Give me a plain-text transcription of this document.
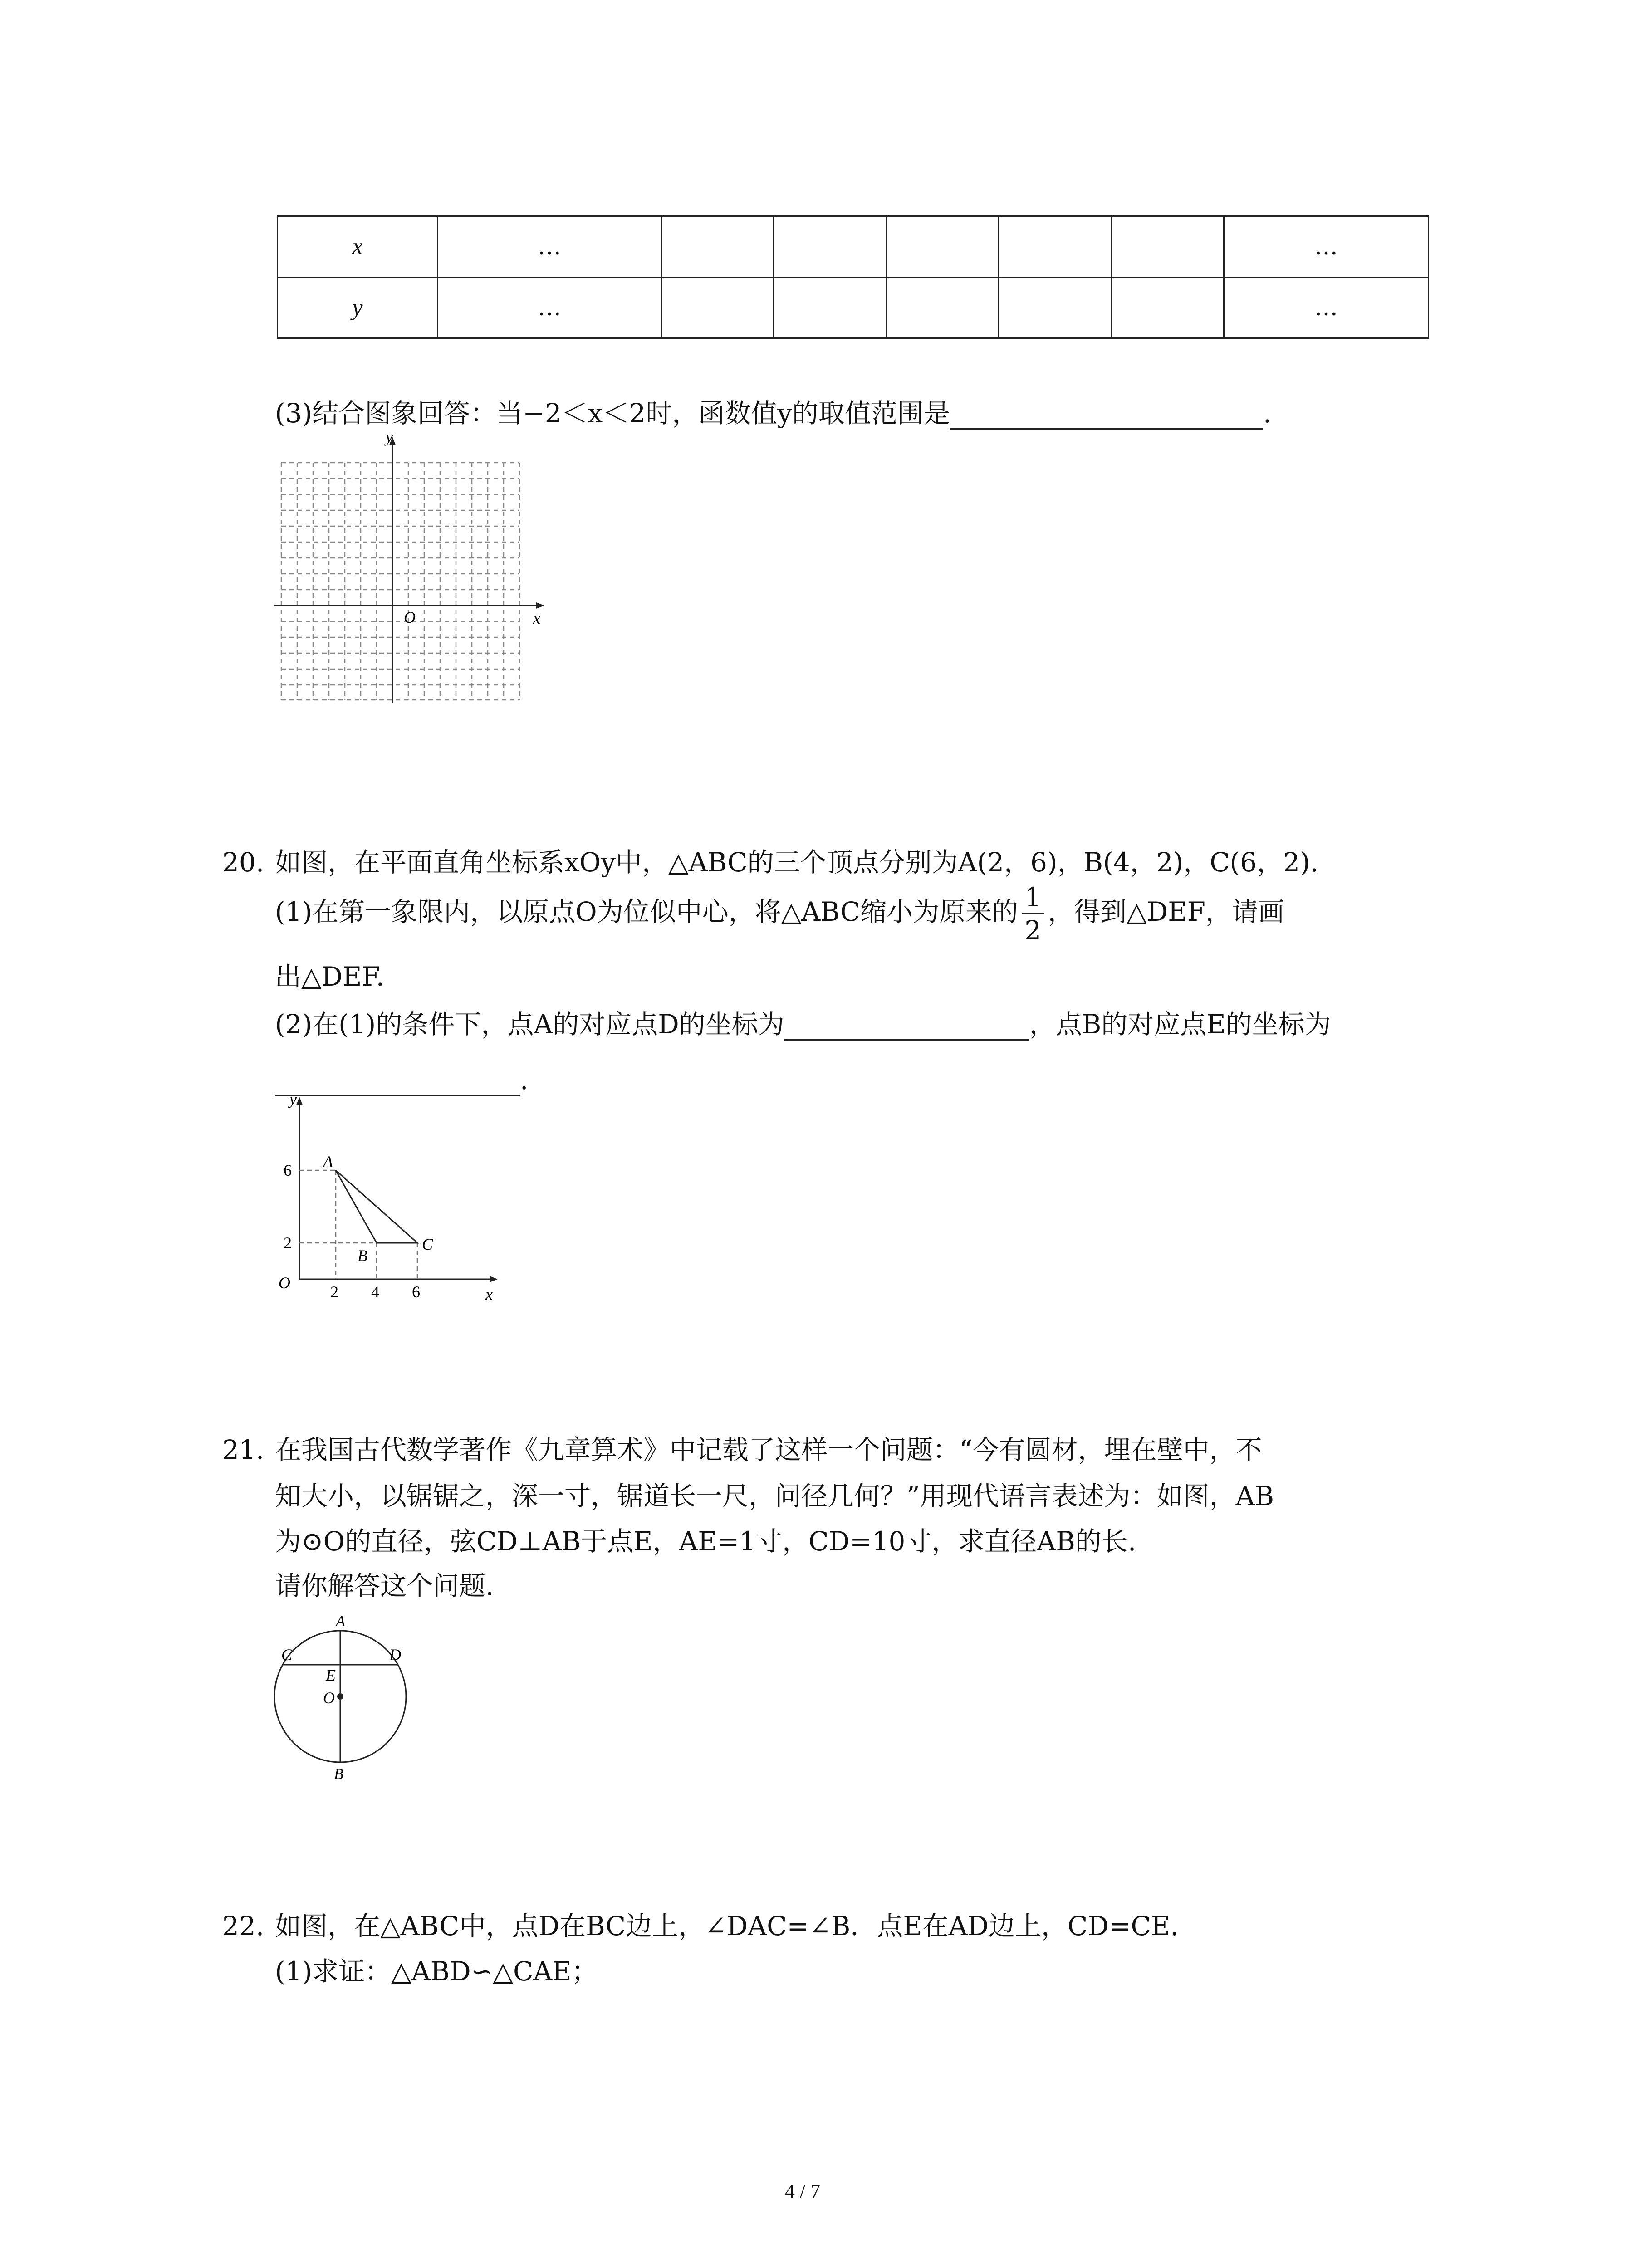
x	…						…
y	…						…
(3)结合图象回答：当−2＜x＜2时，函数值y的取值范围是	.
y
x
O
20. 如图，在平面直角坐标系xOy中，△ABC的三个顶点分别为A(2，6)，B(4，2)，C(6，2).
(1)在第一象限内，以原点O为位似中心，将△ABC缩小为原来的 $\frac{1}{2}$ ，得到△DEF，请画
出△DEF.
(2)在(1)的条件下，点A的对应点D的坐标为	，点B的对应点E的坐标为
.
y
x
O 2 4 6
6
2
A
B
C
21. 在我国古代数学著作《九章算术》中记载了这样一个问题：“今有圆材，埋在壁中，不
知大小，以锯锯之，深一寸，锯道长一尺，问径几何？”用现代语言表述为：如图，AB
为⊙O的直径，弦CD⊥AB于点E，AE=1寸，CD=10寸，求直径AB的长.
请你解答这个问题.
A
C	D
E
O
B
22. 如图，在△ABC中，点D在BC边上，∠DAC=∠B．点E在AD边上，CD=CE.
(1)求证：△ABD∽△CAE；
4 / 7
